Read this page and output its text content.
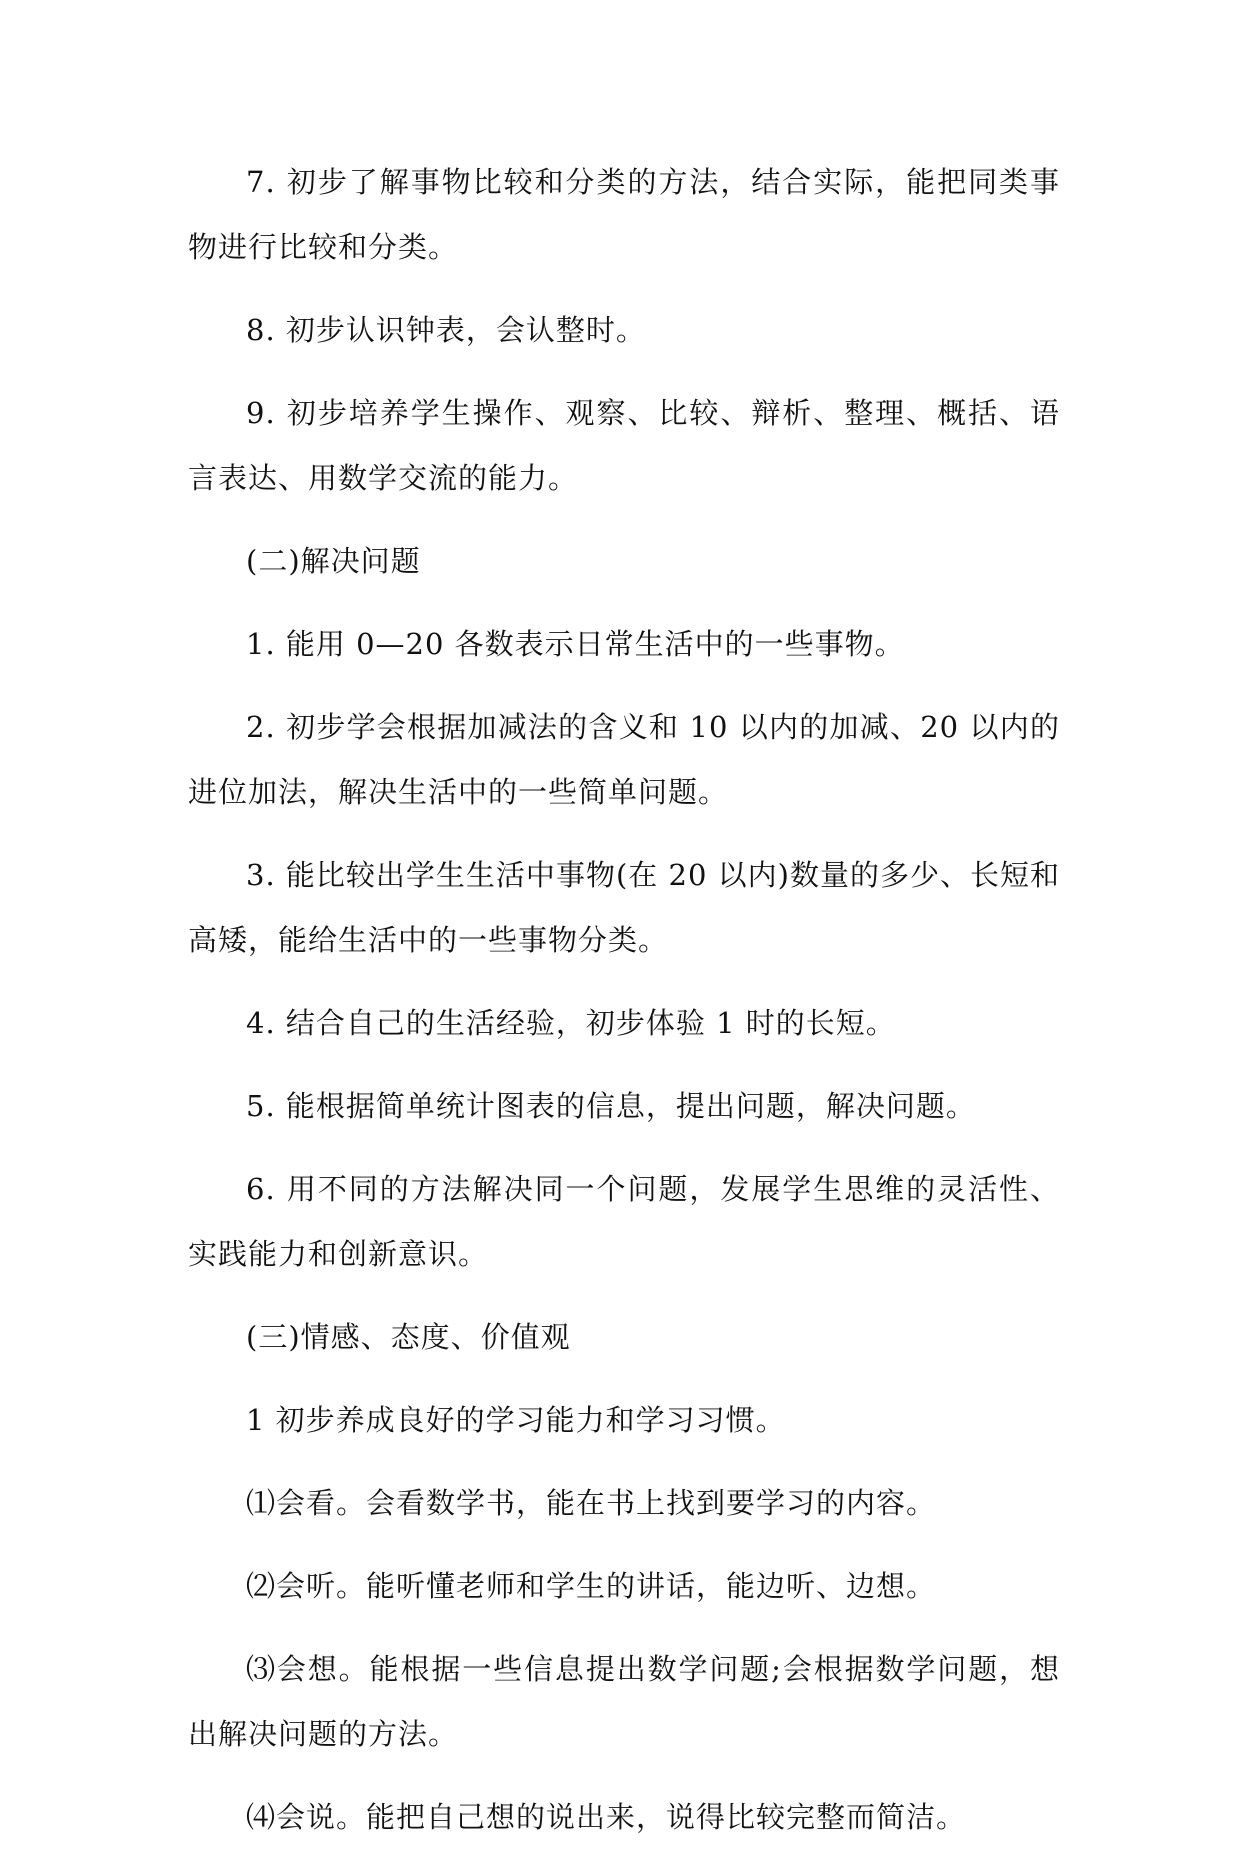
7. 初步了解事物比较和分类的方法，结合实际，能把同类事物进行比较和分类。

8. 初步认识钟表，会认整时。

9. 初步培养学生操作、观察、比较、辩析、整理、概括、语言表达、用数学交流的能力。

(二)解决问题

1. 能用 0—20 各数表示日常生活中的一些事物。

2. 初步学会根据加减法的含义和 10 以内的加减、20 以内的进位加法，解决生活中的一些简单问题。

3. 能比较出学生生活中事物(在 20 以内)数量的多少、长短和高矮，能给生活中的一些事物分类。

4. 结合自己的生活经验，初步体验 1 时的长短。

5. 能根据简单统计图表的信息，提出问题，解决问题。

6. 用不同的方法解决同一个问题，发展学生思维的灵活性、实践能力和创新意识。

(三)情感、态度、价值观

1 初步养成良好的学习能力和学习习惯。

⑴会看。会看数学书，能在书上找到要学习的内容。

⑵会听。能听懂老师和学生的讲话，能边听、边想。

⑶会想。能根据一些信息提出数学问题;会根据数学问题，想出解决问题的方法。

⑷会说。能把自己想的说出来，说得比较完整而简洁。
